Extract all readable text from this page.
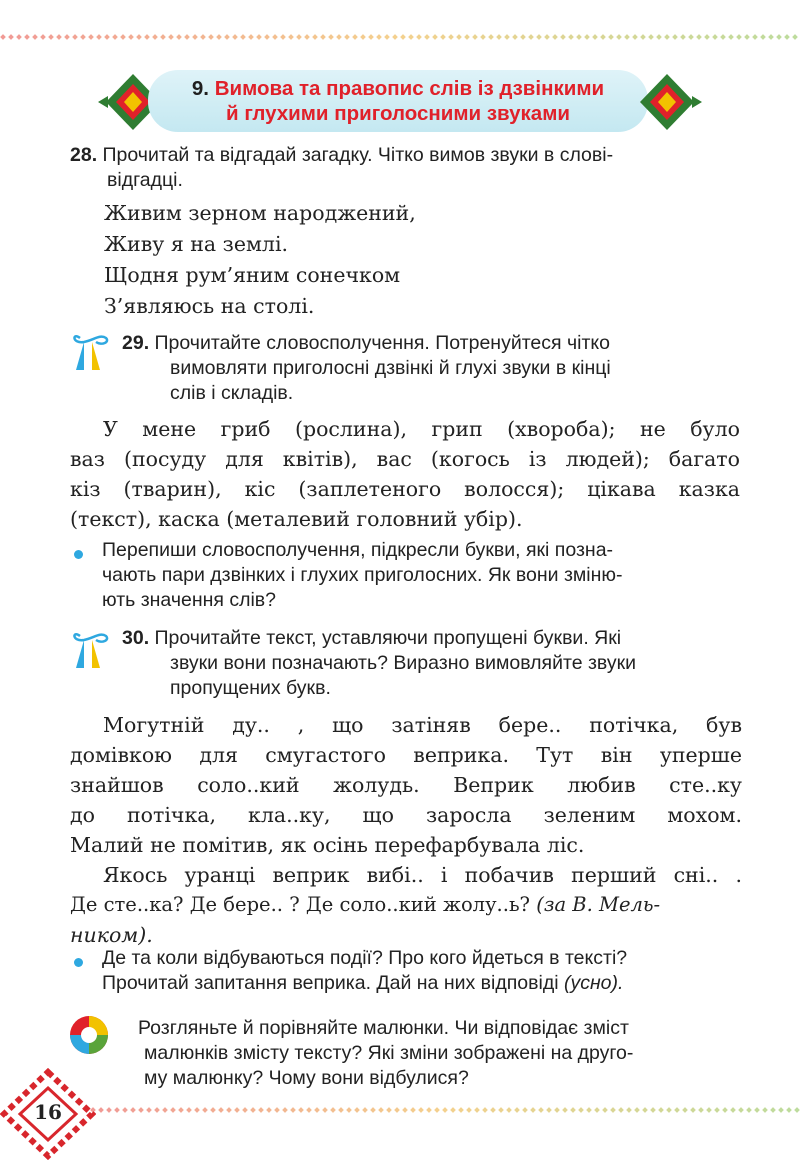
9. Вимова та правопис слів із дзвінкими
й глухими приголосними звуками
28. Прочитай та відгадай загадку. Чітко вимов звуки в слові-
відгадці.
Живим зерном народжений,
Живу я на землі.
Щодня рум’яним сонечком
З’являюсь на столі.
29. Прочитайте словосполучення. Потренуйтеся чітко
вимовляти приголосні дзвінкі й глухі звуки в кінці
слів і складів.
У мене гриб (рослина), грип (хвороба); не було
ваз (посуду для квітів), вас (когось із людей); багато
кіз (тварин), кіс (заплетеного волосся); цікава казка
(текст), каска (металевий головний убір).
Перепиши словосполучення, підкресли букви, які позна-
чають пари дзвінких і глухих приголосних. Як вони зміню-
ють значення слів?
30. Прочитайте текст, уставляючи пропущені букви. Які
звуки вони позначають? Виразно вимовляйте звуки
пропущених букв.
Могутній ду.. , що затіняв бере.. потічка, був
домівкою для смугастого веприка. Тут він уперше
знайшов соло..кий жолудь. Веприк любив сте..ку
до потічка, кла..ку, що заросла зеленим мохом.
Малий не помітив, як осінь перефарбувала ліс.
Якось уранці веприк вибі.. і побачив перший сні.. .
Де сте..ка? Де бере.. ? Де соло..кий жолу..ь? (за В. Мель-
ником).
Де та коли відбуваються події? Про кого йдеться в тексті?
Прочитай запитання веприка. Дай на них відповіді (усно).
Розгляньте й порівняйте малюнки. Чи відповідає зміст
малюнків змісту тексту? Які зміни зображені на друго-
му малюнку? Чому вони відбулися?
16
